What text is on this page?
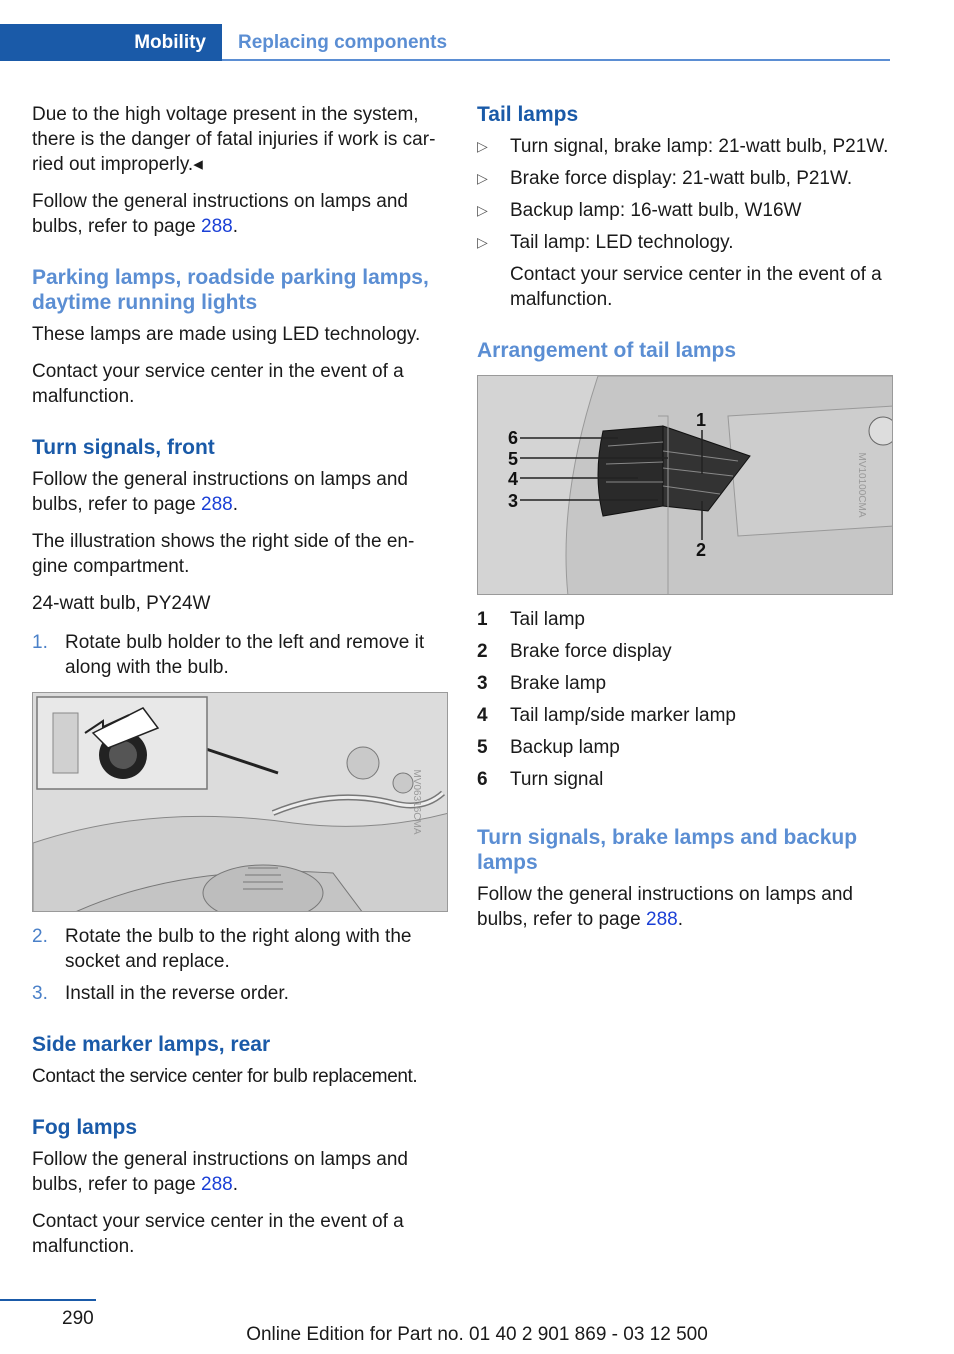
Mobility	Replacing components

Due to the high voltage present in the system, there is the danger of fatal injuries if work is car‐ried out improperly.◂

Follow the general instructions on lamps and bulbs, refer to page 288.

Parking lamps, roadside parking lamps, daytime running lights

These lamps are made using LED technology.

Contact your service center in the event of a malfunction.

Turn signals, front

Follow the general instructions on lamps and bulbs, refer to page 288.

The illustration shows the right side of the en‐gine compartment.

24-watt bulb, PY24W

1. Rotate bulb holder to the left and remove it along with the bulb.
MV06316CMA
2. Rotate the bulb to the right along with the socket and replace.
3. Install in the reverse order.
Side marker lamps, rear

Contact the service center for bulb replacement.

Fog lamps

Follow the general instructions on lamps and bulbs, refer to page 288.

Contact your service center in the event of a malfunction.

Tail lamps
▷	Turn signal, brake lamp: 21-watt bulb, P21W.
▷	Brake force display: 21-watt bulb, P21W.
▷	Backup lamp: 16-watt bulb, W16W
▷	Tail lamp: LED technology.

Contact your service center in the event of a malfunction.

Arrangement of tail lamps
6
5
4
3
1
2
MV10100CMA
1	Tail lamp
2	Brake force display
3	Brake lamp
4	Tail lamp/side marker lamp
5	Backup lamp
6	Turn signal
Turn signals, brake lamps and backup lamps

Follow the general instructions on lamps and bulbs, refer to page 288.

290
Online Edition for Part no. 01 40 2 901 869 - 03 12 500
